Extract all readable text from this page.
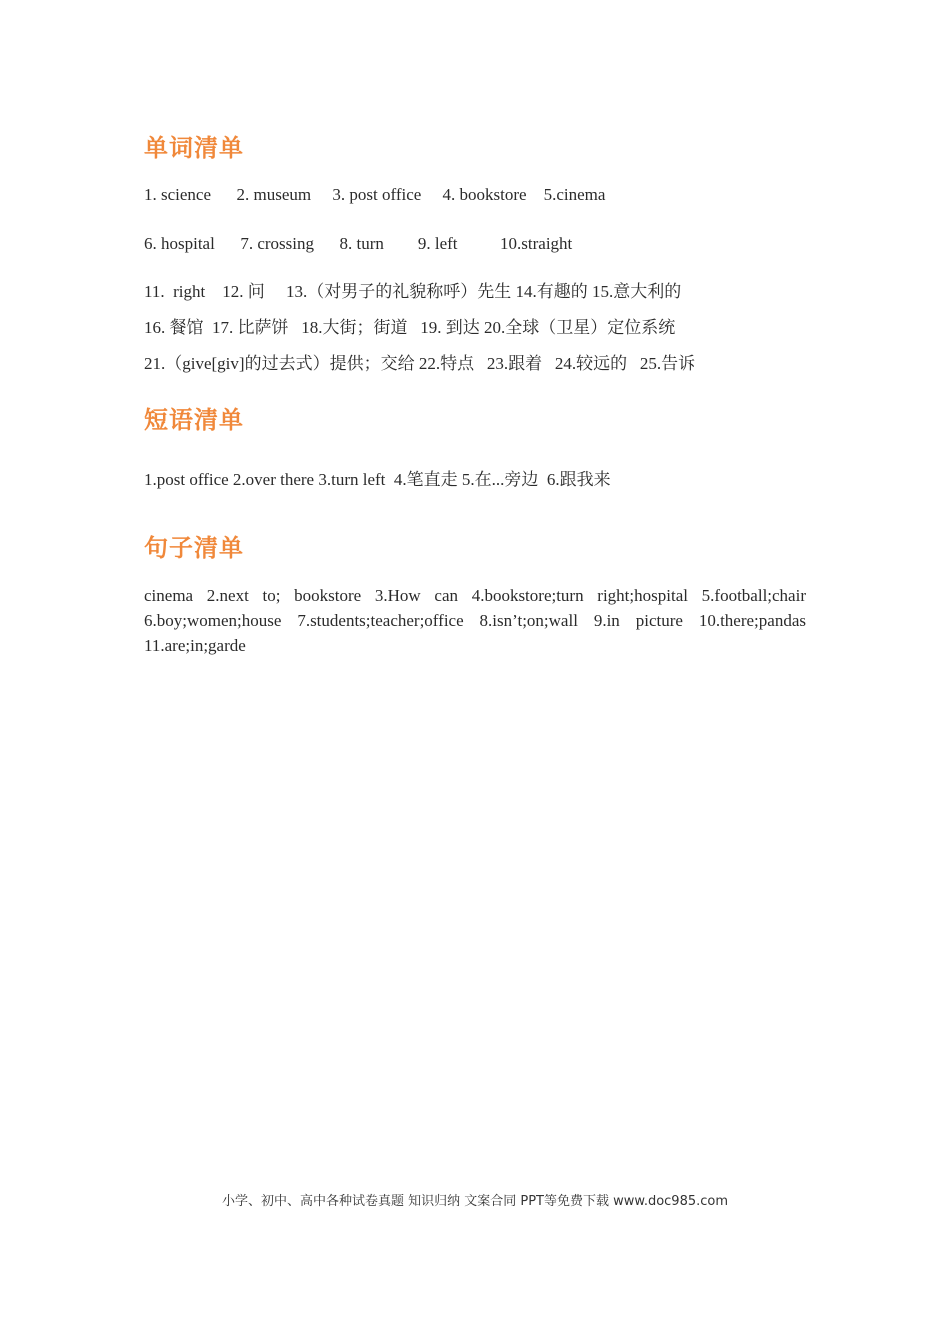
单词清单

1. science      2. museum     3. post office     4. bookstore    5.cinema

6. hospital      7. crossing      8. turn        9. left          10.straight

11.  right    12. 问     13.（对男子的礼貌称呼）先生 14.有趣的 15.意大利的

16. 餐馆  17. 比萨饼   18.大街；街道   19. 到达 20.全球（卫星）定位系统

21.（give[giv]的过去式）提供；交给 22.特点   23.跟着   24.较远的   25.告诉

短语清单

1.post office 2.over there 3.turn left  4.笔直走 5.在...旁边  6.跟我来

句子清单

cinema 2.next to; bookstore 3.How can 4.bookstore;turn right;hospital 5.football;chair 6.boy;women;house 7.students;teacher;office 8.isn’t;on;wall 9.in picture 10.there;pandas 11.are;in;garde

小学、初中、高中各种试卷真题 知识归纳 文案合同 PPT等免费下载 www.doc985.com
